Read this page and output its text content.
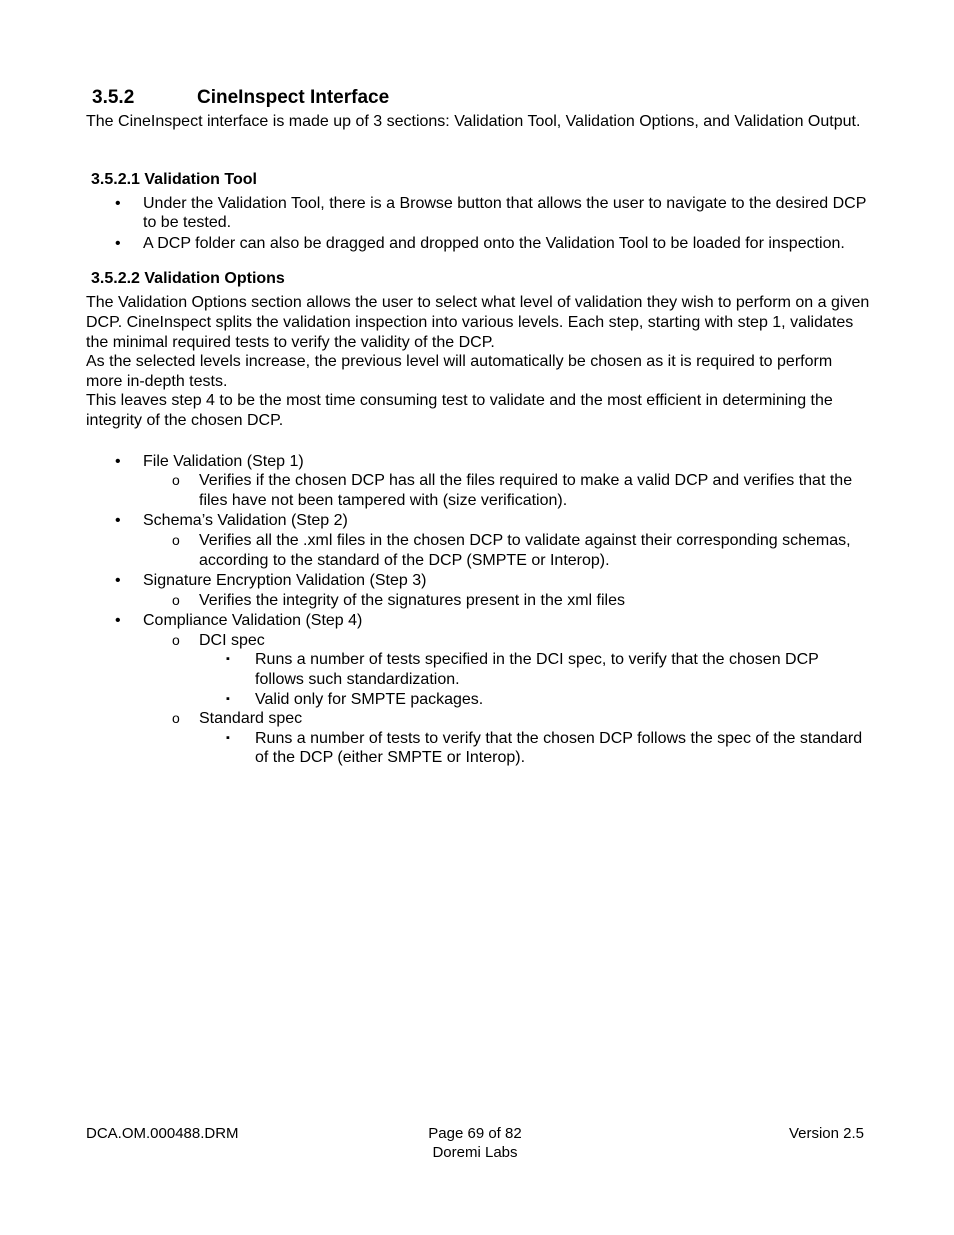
3.5.2	CineInspect Interface

The CineInspect interface is made up of 3 sections: Validation Tool, Validation Options, and Validation Output.

3.5.2.1 Validation Tool
• Under the Validation Tool, there is a Browse button that allows the user to navigate to the desired DCP to be tested.
• A DCP folder can also be dragged and dropped onto the Validation Tool to be loaded for inspection.
3.5.2.2 Validation Options

The Validation Options section allows the user to select what level of validation they wish to perform on a given DCP. CineInspect splits the validation inspection into various levels. Each step, starting with step 1, validates the minimal required tests to verify the validity of the DCP.

As the selected levels increase, the previous level will automatically be chosen as it is required to perform more in-depth tests.

This leaves step 4 to be the most time consuming test to validate and the most efficient in determining the integrity of the chosen DCP.

• File Validation (Step 1)
o Verifies if the chosen DCP has all the files required to make a valid DCP and verifies that the files have not been tampered with (size verification).
• Schema’s Validation (Step 2)
o Verifies all the .xml files in the chosen DCP to validate against their corresponding schemas, according to the standard of the DCP (SMPTE or Interop).
• Signature Encryption Validation (Step 3)
o Verifies the integrity of the signatures present in the xml files
• Compliance Validation (Step 4)
o DCI spec
▪ Runs a number of tests specified in the DCI spec, to verify that the chosen DCP follows such standardization.
▪ Valid only for SMPTE packages.
o Standard spec
▪ Runs a number of tests to verify that the chosen DCP follows the spec of the standard of the DCP (either SMPTE or Interop).
DCA.OM.000488.DRM	Page 69 of 82
Doremi Labs
Version 2.5
